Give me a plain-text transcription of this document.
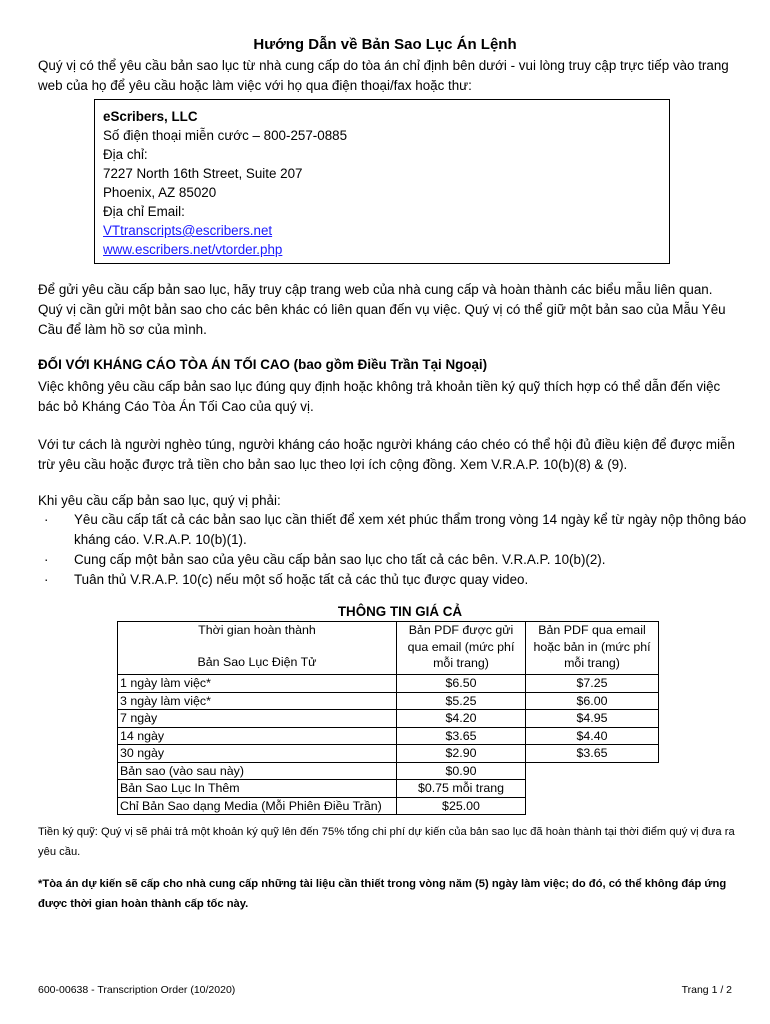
Hướng Dẫn về Bản Sao Lục Án Lệnh

Quý vị có thể yêu cầu bản sao lục từ nhà cung cấp do tòa án chỉ định bên dưới - vui lòng truy cập trực tiếp vào trang web của họ để yêu cầu hoặc làm việc với họ qua điện thoại/fax hoặc thư:

eScribers, LLC
Số điện thoại miễn cước – 800-257-0885
Địa chỉ:
7227 North 16th Street, Suite 207
Phoenix, AZ 85020
Địa chỉ Email:
VTtranscripts@escribers.net
www.escribers.net/vtorder.php

Để gửi yêu cầu cấp bản sao lục, hãy truy cập trang web của nhà cung cấp và hoàn thành các biểu mẫu liên quan. Quý vị cần gửi một bản sao cho các bên khác có liên quan đến vụ việc. Quý vị có thể giữ một bản sao của Mẫu Yêu Cầu để làm hồ sơ của mình.

ĐỐI VỚI KHÁNG CÁO TÒA ÁN TỐI CAO (bao gồm Điều Trần Tại Ngoại)

Việc không yêu cầu cấp bản sao lục đúng quy định hoặc không trả khoản tiền ký quỹ thích hợp có thể dẫn đến việc bác bỏ Kháng Cáo Tòa Án Tối Cao của quý vị.

Với tư cách là người nghèo túng, người kháng cáo hoặc người kháng cáo chéo có thể hội đủ điều kiện để được miễn trừ yêu cầu hoặc được trả tiền cho bản sao lục theo lợi ích cộng đồng. Xem V.R.A.P. 10(b)(8) & (9).

Khi yêu cầu cấp bản sao lục, quý vị phải:

· Yêu cầu cấp tất cả các bản sao lục cần thiết để xem xét phúc thẩm trong vòng 14 ngày kể từ ngày nộp thông báo kháng cáo. V.R.A.P. 10(b)(1).
· Cung cấp một bản sao của yêu cầu cấp bản sao lục cho tất cả các bên. V.R.A.P. 10(b)(2).
· Tuân thủ V.R.A.P. 10(c) nếu một số hoặc tất cả các thủ tục được quay video.
THÔNG TIN GIÁ CẢ
Thời gian hoàn thành
Bản Sao Lục Điện Tử	Bản PDF được gửi qua email (mức phí mỗi trang)	Bản PDF qua email hoặc bản in (mức phí mỗi trang)
1 ngày làm việc*	$6.50	$7.25
3 ngày làm việc*	$5.25	$6.00
7 ngày	$4.20	$4.95
14 ngày	$3.65	$4.40
30 ngày	$2.90	$3.65
Bản sao (vào sau này)	$0.90	
Bản Sao Lục In Thêm	$0.75 mỗi trang	
Chỉ Bản Sao dạng Media (Mỗi Phiên Điều Trần)	$25.00	

Tiền ký quỹ: Quý vị sẽ phải trả một khoản ký quỹ lên đến 75% tổng chi phí dự kiến của bản sao lục đã hoàn thành tại thời điểm quý vị đưa ra yêu cầu.

*Tòa án dự kiến sẽ cấp cho nhà cung cấp những tài liệu cần thiết trong vòng năm (5) ngày làm việc; do đó, có thể không đáp ứng được thời gian hoàn thành cấp tốc này.

600-00638 - Transcription Order (10/2020)	Trang 1 / 2
